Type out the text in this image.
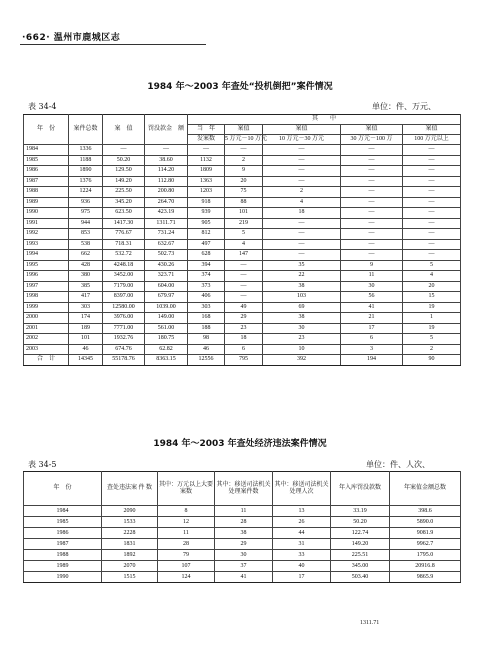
·662· 温州市鹿城区志
1984 年～2003 年查处“投机倒把”案件情况
表 34-4	单位：件、万元、
年　份	案件总数	案　值	罚没款金　额	其　　中				
				当　年	案值	案值	案值	案值
				发案数	5 万元－10 万元	10 万元－30 万元	30 万元－100 万	100 万元以上
1984	1336	—	—	—	—	—	—	—
1985	1188	50.20	38.60	1132	2	—	—	—
1986	1890	129.50	114.20	1809	9	—	—	—
1987	1376	149.20	112.80	1363	20	—	—	—
1988	1224	225.50	200.80	1203	75	2	—	—
1989	936	345.20	264.70	918	88	4	—	—
1990	975	623.50	423.19	939	101	18	—	—
1991	944	1417.30	1311.71	905	219	—	—	—
1992	853	776.67	731.24	812	5	—	—	—
1993	538	718.31	632.67	497	4	—	—	—
1994	662	532.72	502.73	628	147	—	—	—
1995	428	4248.18	430.26	394	—	35	9	5
1996	380	3452.00	323.71	374	—	22	11	4
1997	385	7179.00	604.00	373	—	38	30	20
1998	417	8397.00	679.97	406	—	103	56	15
1999	303	12580.00	1039.00	303	49	69	41	19
2000	174	3976.00	149.00	168	29	38	21	1
2001	189	7771.00	561.00	188	23	30	17	19
2002	101	1932.76	180.75	98	18	23	6	5
2003	46	674.76	62.82	46	6	10	3	2
合　计	14345	55178.76	8363.15	12556	795	392	194	90
1984 年～2003 年查处经济违法案件情况
表 34-5	单位：件、人次、
年　份	查处违法案 件 数	其中：万元以上大要案数	其中：移送司法机关处理案件数	其中：移送司法机关处理人次	年入库罚没款数	年案值金额总数
1984	2090	8	11	13	33.19	398.6
1985	1533	12	28	26	50.20	5890.0
1986	2228	11	38	44	122.74	9081.9
1987	1831	28	29	31	149.20	9962.7
1988	1892	79	30	33	225.51	1795.0
1989	2070	107	37	40	345.00	20916.8
1990	1515	124	41	17	503.40	9865.9
1311.71
